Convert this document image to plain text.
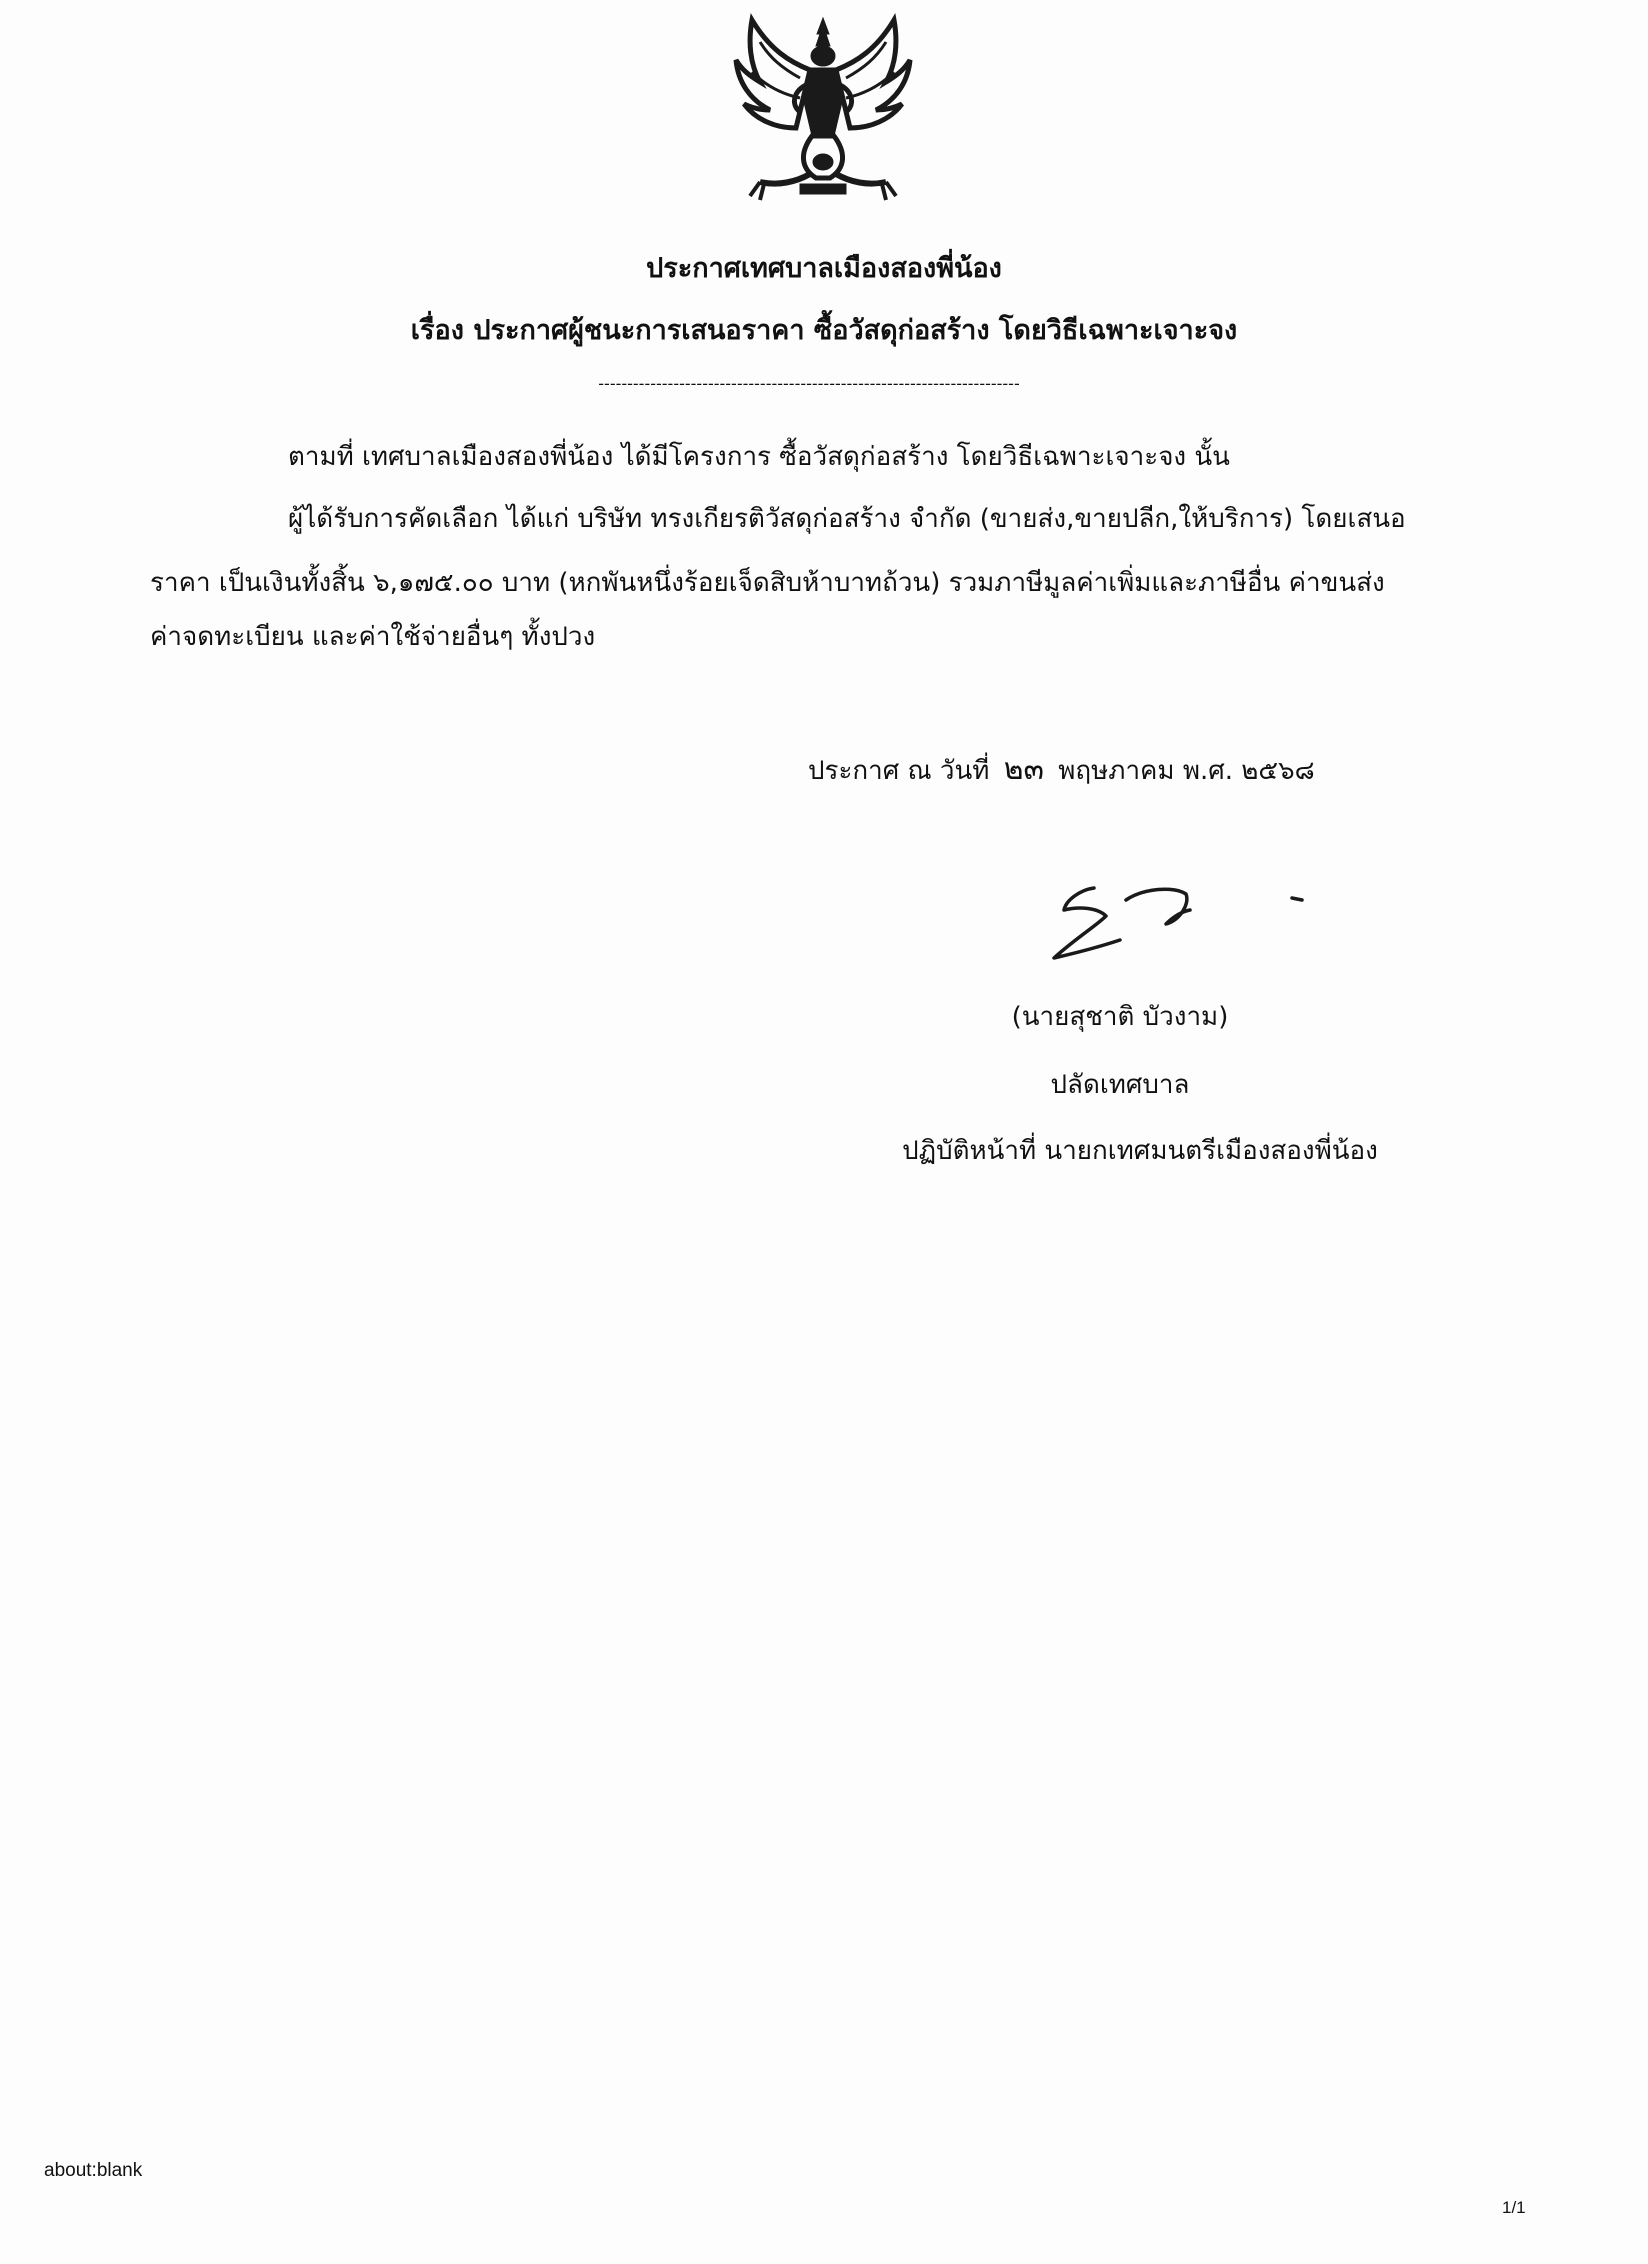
ประกาศเทศบาลเมืองสองพี่น้อง
เรื่อง ประกาศผู้ชนะการเสนอราคา ซื้อวัสดุก่อสร้าง โดยวิธีเฉพาะเจาะจง
-------------------------------------------------------------------------
ตามที่ เทศบาลเมืองสองพี่น้อง ได้มีโครงการ ซื้อวัสดุก่อสร้าง โดยวิธีเฉพาะเจาะจง นั้น
ผู้ได้รับการคัดเลือก ได้แก่ บริษัท ทรงเกียรติวัสดุก่อสร้าง จำกัด (ขายส่ง,ขายปลีก,ให้บริการ) โดยเสนอ
ราคา เป็นเงินทั้งสิ้น ๖,๑๗๕.๐๐ บาท (หกพันหนึ่งร้อยเจ็ดสิบห้าบาทถ้วน) รวมภาษีมูลค่าเพิ่มและภาษีอื่น ค่าขนส่ง
ค่าจดทะเบียน และค่าใช้จ่ายอื่นๆ ทั้งปวง
ประกาศ ณ วันที่ ๒๓ พฤษภาคม พ.ศ. ๒๕๖๘
(นายสุชาติ บัวงาม)
ปลัดเทศบาล
ปฏิบัติหน้าที่ นายกเทศมนตรีเมืองสองพี่น้อง
about:blank
1/1
